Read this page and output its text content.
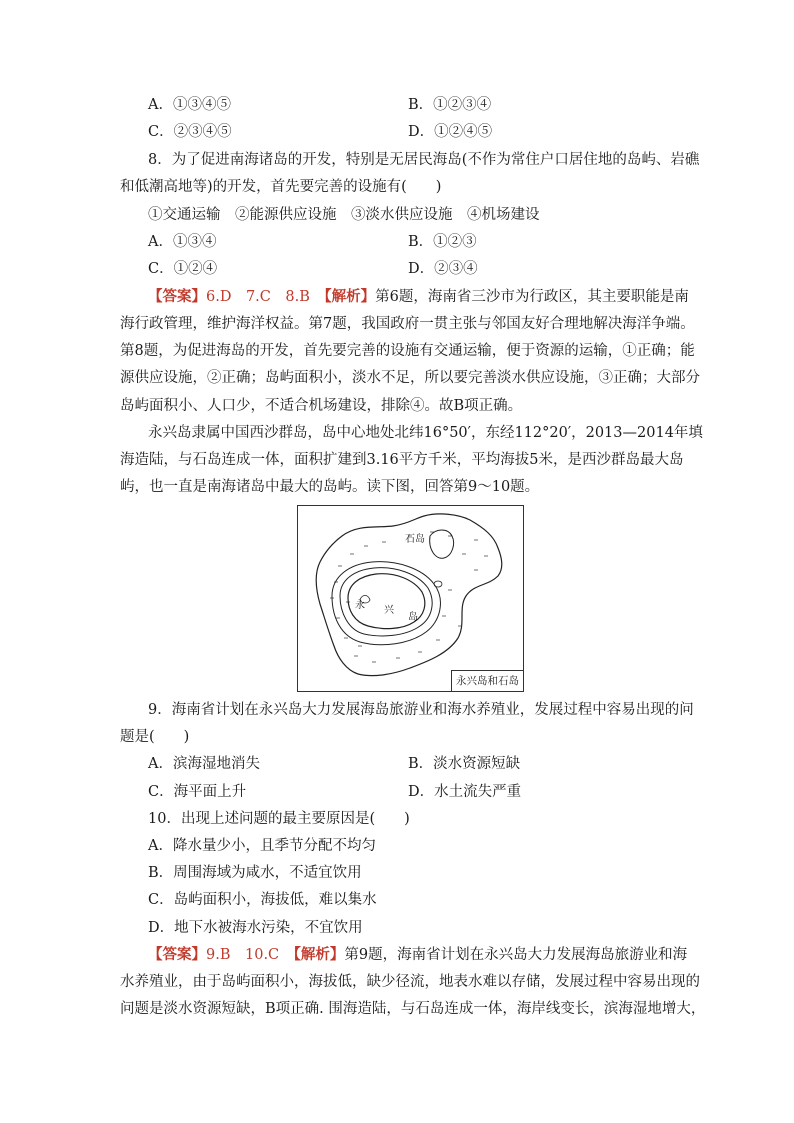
A．①③④⑤	B．①②③④
C．②③④⑤	D．①②④⑤
8．为了促进南海诸岛的开发，特别是无居民海岛(不作为常住户口居住地的岛屿、岩礁
和低潮高地等)的开发，首先要完善的设施有(　　)
①交通运输　②能源供应设施　③淡水供应设施　④机场建设
A．①③④	B．①②③
C．①②④	D．②③④
【答案】6.D　7.C　8.B　 【解析】第6题，海南省三沙市为行政区，其主要职能是南
海行政管理，维护海洋权益。第7题，我国政府一贯主张与邻国友好合理地解决海洋争端。
第8题，为促进海岛的开发，首先要完善的设施有交通运输，便于资源的运输，①正确；能
源供应设施，②正确；岛屿面积小，淡水不足，所以要完善淡水供应设施，③正确；大部分
岛屿面积小、人口少，不适合机场建设，排除④。故B项正确。
永兴岛隶属中国西沙群岛，岛中心地处北纬16°50′，东经112°20′，2013—2014年填
海造陆，与石岛连成一体，面积扩建到3.16平方千米，平均海拔5米，是西沙群岛最大岛
屿，也一直是南海诸岛中最大的岛屿。读下图，回答第9～10题。
石岛
永 兴
岛
永兴岛和石岛
9．海南省计划在永兴岛大力发展海岛旅游业和海水养殖业，发展过程中容易出现的问
题是(　　)
A．滨海湿地消失	B．淡水资源短缺
C．海平面上升	D．水土流失严重
10．出现上述问题的最主要原因是(　　)
A．降水量少小，且季节分配不均匀
B．周围海域为咸水，不适宜饮用
C．岛屿面积小，海拔低，难以集水
D．地下水被海水污染，不宜饮用
【答案】9.B　10.C　 【解析】第9题，海南省计划在永兴岛大力发展海岛旅游业和海
水养殖业，由于岛屿面积小，海拔低，缺少径流，地表水难以存储，发展过程中容易出现的
问题是淡水资源短缺，B项正确. 围海造陆，与石岛连成一体，海岸线变长，滨海湿地增大，
